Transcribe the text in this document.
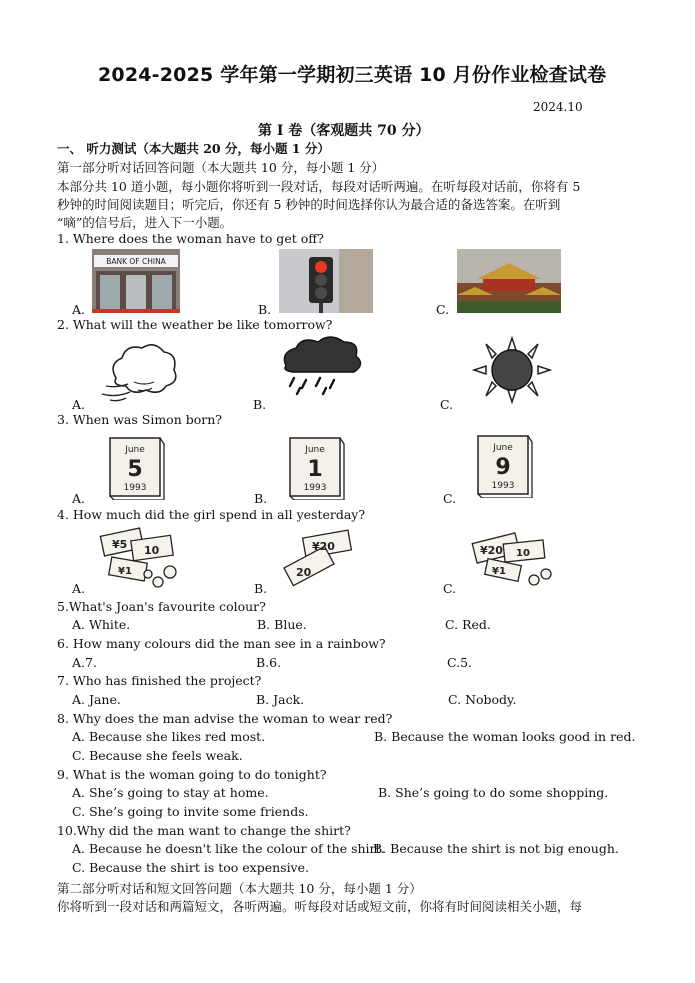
2024-2025 学年第一学期初三英语 10 月份作业检查试卷
2024.10
第 I 卷（客观题共 70 分）
一、 听力测试（本大题共 20 分，每小题 1 分）
第一部分听对话回答问题（本大题共 10 分，每小题 1 分）
本部分共 10 道小题，每小题你将听到一段对话，每段对话听两遍。在听每段对话前，你将有 5
秒钟的时间阅读题目；听完后，你还有 5 秒钟的时间选择你认为最合适的备选答案。在听到
“嘀”的信号后，进入下一小题。
1. Where does the woman have to get off?
A.
BANK OF CHINA
B.	C.
2. What will the weather be like tomorrow?
A.	B.	C.
3. When was Simon born?
A.
June
5
1993
B.
June
1
1993
C.
June
9
1993
4. How much did the girl spend in all yesterday?
A.
¥5 10
¥1
B.
¥20
20
C.
¥20 10
¥1
5.What's Joan's favourite colour?
A. White.	B. Blue.	C. Red.
6. How many colours did the man see in a rainbow?
A.7.	B.6.	C.5.
7. Who has finished the project?
A. Jane.	B. Jack.	C. Nobody.
8. Why does the man advise the woman to wear red?
A. Because she likes red most.	B. Because the woman looks good in red.
C. Because she feels weak.
9. What is the woman going to do tonight?
A. She’s going to stay at home.	B. She’s going to do some shopping.
C. She’s going to invite some friends.
10.Why did the man want to change the shirt?
A. Because he doesn't like the colour of the shirt.
B. Because the shirt is not big enough.
C. Because the shirt is too expensive.
第二部分听对话和短文回答问题（本大题共 10 分，每小题 1 分）
你将听到一段对话和两篇短文，各听两遍。听每段对话或短文前，你将有时间阅读相关小题，每
